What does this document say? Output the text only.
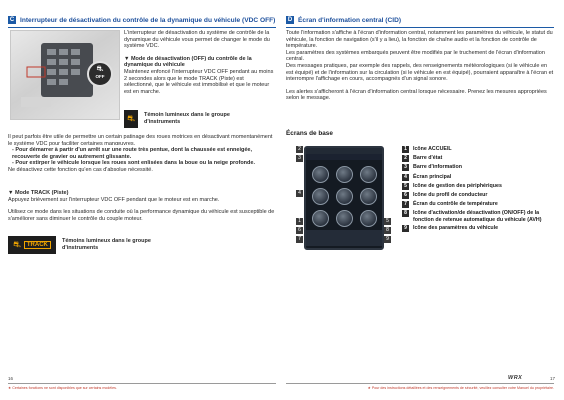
C Interrupteur de désactivation du contrôle de la dynamique du véhicule (VDC OFF)
⛐
OFF

L'interrupteur de désactivation du système de contrôle de la dynamique du véhicule vous permet de changer le mode du système VDC.

▼ Mode de désactivation (OFF) du contrôle de la dynamique du véhicule

Maintenez enfoncé l'interrupteur VDC OFF pendant au moins 2 secondes alors que le mode TRACK (Piste) est sélectionné, que le véhicule est immobilisé et que le moteur est en marche.

⛐	Témoin lumineux dans le groupe d'instruments

Il peut parfois être utile de permettre un certain patinage des roues motrices en désactivant momentanément le système VDC pour faciliter certaines manœuvres.

- Pour démarrer à partir d'un arrêt sur une route très pentue, dont la chaussée est enneigée, recouverte de gravier ou autrement glissante.

- Pour extirper le véhicule lorsque les roues sont enlisées dans la boue ou la neige profonde.

Ne désactivez cette fonction qu'en cas d'absolue nécessité.

▼ Mode TRACK (Piste)

Appuyez brièvement sur l'interrupteur VDC OFF pendant que le moteur est en marche.

Utilisez ce mode dans les situations de conduite où la performance dynamique du véhicule est susceptible de s'améliorer sans diminuer le contrôle du couple moteur.

⛐	TRACK

Témoins lumineux dans le groupe d'instruments

16
★ Certaines fonctions ne sont disponibles que sur certains modèles.
D Écran d'information central (CID)

Toute l'information s'affiche à l'écran d'information central, notamment les paramètres du véhicule, le statut du véhicule, la fonction de navigation (s'il y a lieu), la fonction de chaîne audio et la fonction de contrôle de température.

Les paramètres des systèmes embarqués peuvent être modifiés par le truchement de l'écran d'information central.

Des messages pratiques, par exemple des rappels, des renseignements météorologiques (si le véhicule en est équipé) et de l'information sur la circulation (si le véhicule en est équipé), pourraient apparaître à l'écran et interrompre l'affichage en cours, accompagnés d'un signal sonore.

Les alertes s'afficheront à l'écran d'information central lorsque nécessaire. Prenez les mesures appropriées selon le message.

Écrans de base
2
3
4
1
6
7
5
8
9
1	Icône ACCUEIL
2	Barre d'état
3	Barre d'information
4	Écran principal
5	Icône de gestion des périphériques
6	Icône du profil de conducteur
7	Écran du contrôle de température
8	Icône d'activation/de désactivation (ON/OFF) de la fonction de retenue automatique du véhicule (AVH)
9	Icône des paramètres du véhicule
WRX	17
★ Pour des instructions détaillées et des renseignements de sécurité, veuillez consulter votre Manuel du propriétaire.
